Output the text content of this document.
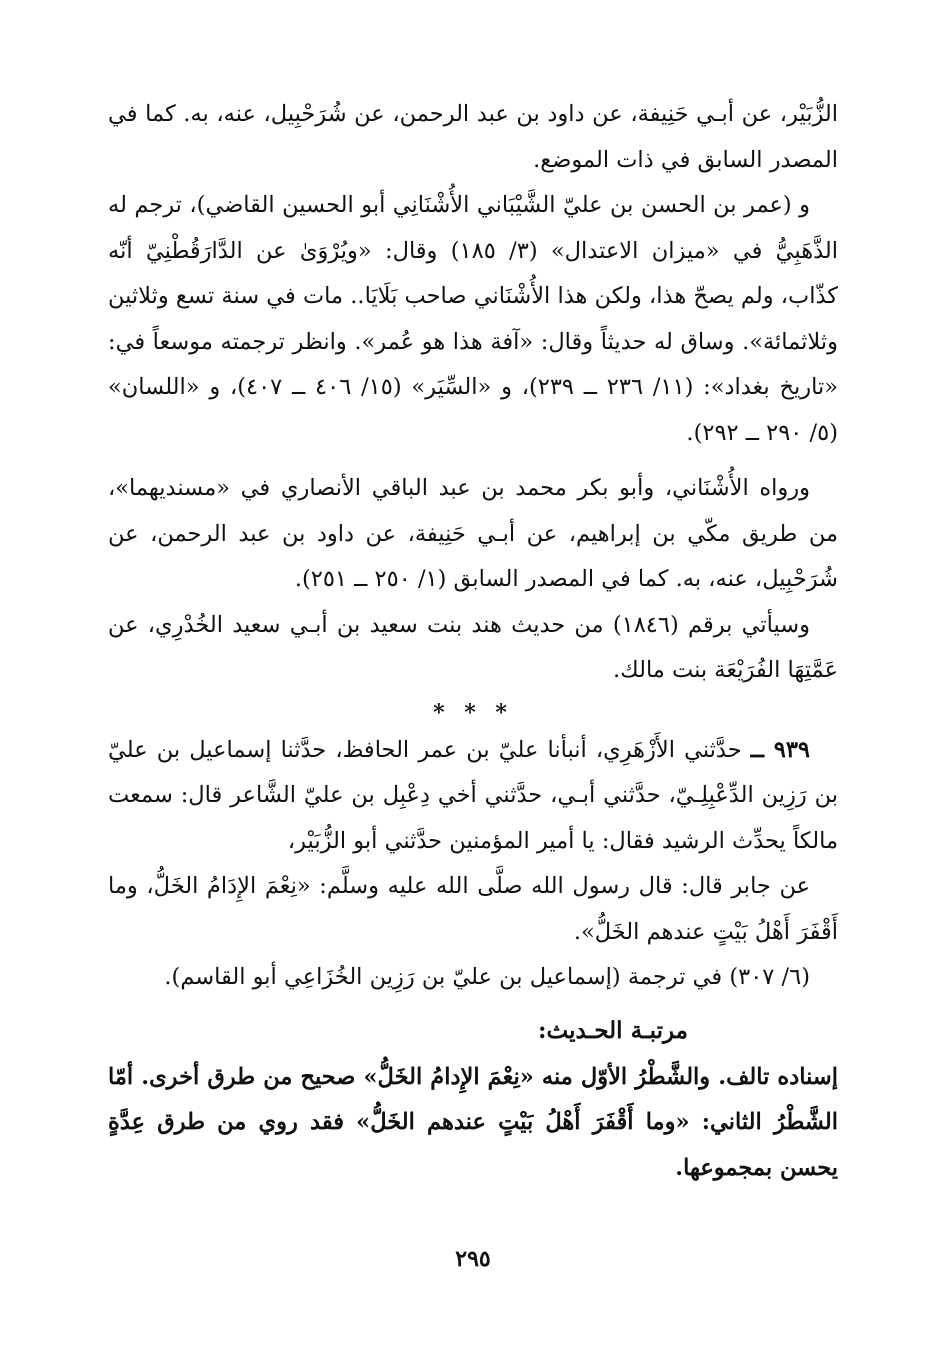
الزُّبَيْر، عن أبـي حَنِيفة، عن داود بن عبد الرحمن، عن شُرَحْبِيل، عنه، به. كما في المصدر السابق في ذات الموضع.

و (عمر بن الحسن بن عليّ الشَّيْبَاني الأُشْنَانِي أبو الحسين القاضي)، ترجم له الذَّهَبِيُّ في «ميزان الاعتدال» (٣/ ١٨٥) وقال: «ويُرْوَىٰ عن الدَّارَقُطْنِيّ أنّه كذّاب، ولم يصحّ هذا، ولكن هذا الأُشْنَاني صاحب بَلَايَا.. مات في سنة تسع وثلاثين وثلاثمائة». وساق له حديثاً وقال: «آفة هذا هو عُمر». وانظر ترجمته موسعاً في: «تاريخ بغداد»: (١١/ ٢٣٦ ــ ٢٣٩)، و «السِّيَر» (١٥/ ٤٠٦ ــ ٤٠٧)، و «اللسان» (٥/ ٢٩٠ ــ ٢٩٢).

ورواه الأُشْنَاني، وأبو بكر محمد بن عبد الباقي الأنصاري في «مسنديهما»، من طريق مكّي بن إبراهيم، عن أبـي حَنِيفة، عن داود بن عبد الرحمن، عن شُرَحْبِيل، عنه، به. كما في المصدر السابق (١/ ٢٥٠ ــ ٢٥١).

وسيأتي برقم (١٨٤٦) من حديث هند بنت سعيد بن أبـي سعيد الخُدْرِي، عن عَمَّتِهَا الفُرَيْعَة بنت مالك.

* * *

٩٣٩ ــ حدَّثني الأَزْهَرِي، أنبأنا عليّ بن عمر الحافظ، حدَّثنا إسماعيل بن عليّ بن رَزِين الدِّعْبِلِـيّ، حدَّثني أبـي، حدَّثني أخي دِعْبِل بن عليّ الشَّاعر قال: سمعت مالكاً يحدِّث الرشيد فقال: يا أمير المؤمنين حدَّثني أبو الزُّبَيْر،

عن جابر قال: قال رسول الله صلَّى الله عليه وسلَّم: «نِعْمَ الإِدَامُ الخَلُّ، وما أَقْفَرَ أَهْلُ بَيْتٍ عندهم الخَلُّ».

(٦/ ٣٠٧) في ترجمة (إسماعيل بن عليّ بن رَزِين الخُزَاعِي أبو القاسم).

مرتبـة الحـديث:

إسناده تالف. والشَّطْرُ الأوّل منه «نِعْمَ الإِدامُ الخَلُّ» صحيح من طرق أخرى. أمّا الشَّطْرُ الثاني: «وما أَقْفَرَ أَهْلُ بَيْتٍ عندهم الخَلُّ» فقد روي من طرق عِدَّةٍ يحسن بمجموعها.

٢٩٥
